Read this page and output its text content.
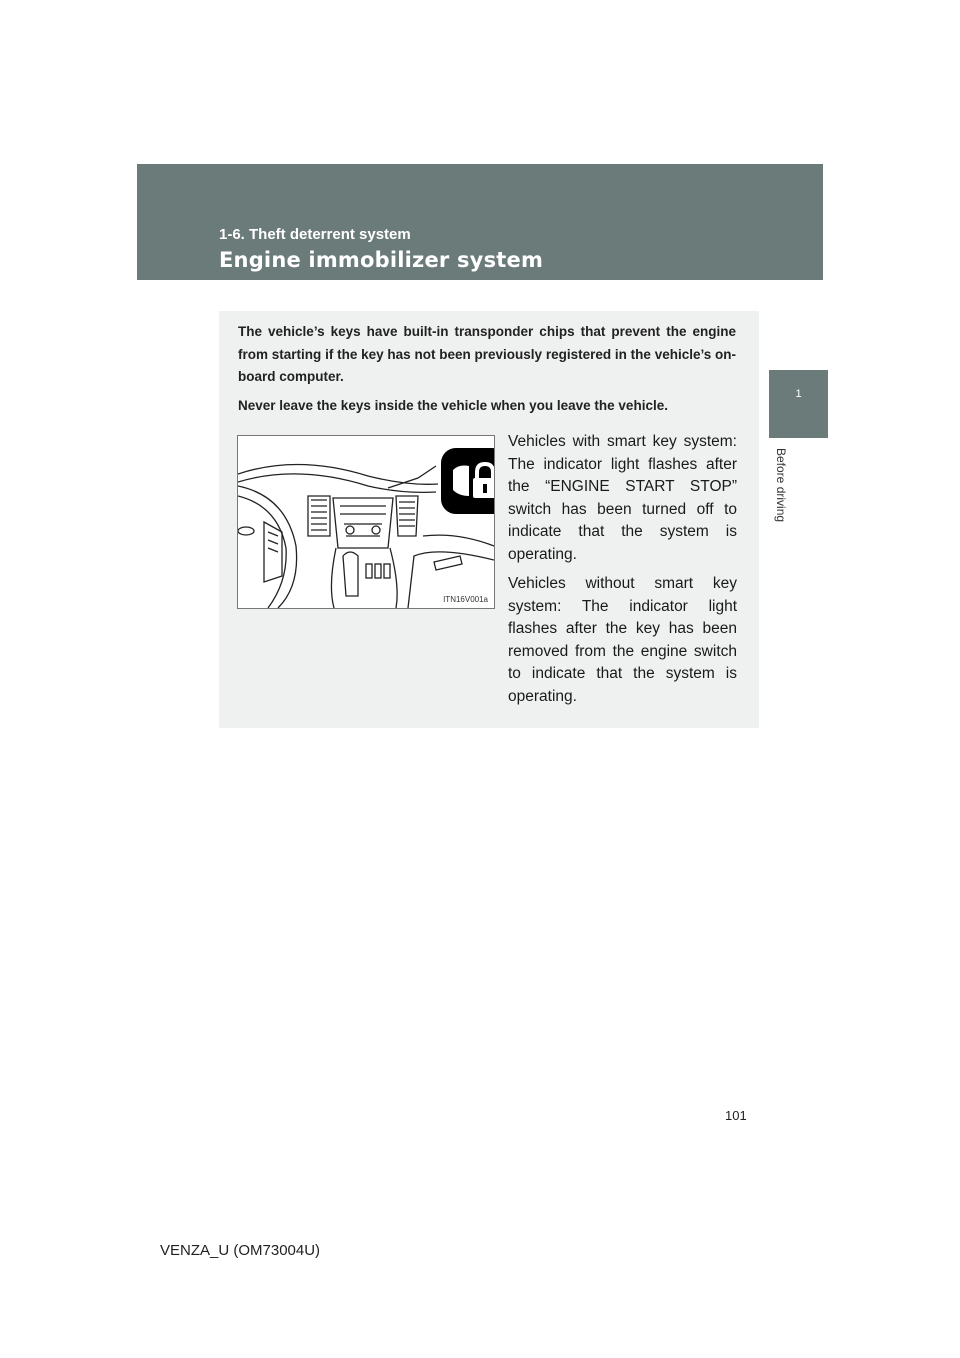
1-6. Theft deterrent system
Engine immobilizer system
1
Before driving

The vehicle’s keys have built-in transponder chips that prevent the engine from starting if the key has not been previously registered in the vehicle’s on-board computer.

Never leave the keys inside the vehicle when you leave the vehicle.

ITN16V001a

Vehicles with smart key system: The indicator light flashes after the “ENGINE START STOP” switch has been turned off to indicate that the system is operating.

Vehicles without smart key system: The indicator light flashes after the key has been removed from the engine switch to indicate that the system is operating.

101
VENZA_U (OM73004U)
